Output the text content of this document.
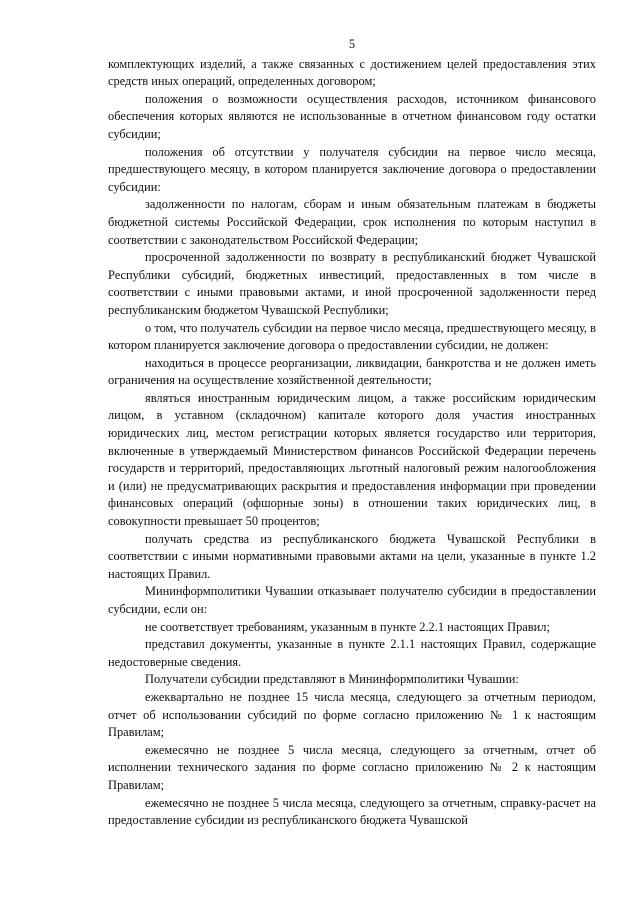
5

комплектующих изделий, а также связанных с достижением целей предоставления этих средств иных операций, определенных договором;

положения о возможности осуществления расходов, источником финансового обеспечения которых являются не использованные в отчетном финансовом году остатки субсидии;

положения об отсутствии у получателя субсидии на первое число месяца, предшествующего месяцу, в котором планируется заключение договора о предоставлении субсидии:

задолженности по налогам, сборам и иным обязательным платежам в бюджеты бюджетной системы Российской Федерации, срок исполнения по которым наступил в соответствии с законодательством Российской Федерации;

просроченной задолженности по возврату в республиканский бюджет Чувашской Республики субсидий, бюджетных инвестиций, предоставленных в том числе в соответствии с иными правовыми актами, и иной просроченной задолженности перед республиканским бюджетом Чувашской Республики;

о том, что получатель субсидии на первое число месяца, предшествующего месяцу, в котором планируется заключение договора о предоставлении субсидии, не должен:

находиться в процессе реорганизации, ликвидации, банкротства и не должен иметь ограничения на осуществление хозяйственной деятельности;

являться иностранным юридическим лицом, а также российским юридическим лицом, в уставном (складочном) капитале которого доля участия иностранных юридических лиц, местом регистрации которых является государство или территория, включенные в утверждаемый Министерством финансов Российской Федерации перечень государств и территорий, предоставляющих льготный налоговый режим налогообложения и (или) не предусматривающих раскрытия и предоставления информации при проведении финансовых операций (офшорные зоны) в отношении таких юридических лиц, в совокупности превышает 50 процентов;

получать средства из республиканского бюджета Чувашской Республики в соответствии с иными нормативными правовыми актами на цели, указанные в пункте 1.2 настоящих Правил.

Мининформполитики Чувашии отказывает получателю субсидии в предоставлении субсидии, если он:

не соответствует требованиям, указанным в пункте 2.2.1 настоящих Правил;

представил документы, указанные в пункте 2.1.1 настоящих Правил, содержащие недостоверные сведения.

Получатели субсидии представляют в Мининформполитики Чувашии:

ежеквартально не позднее 15 числа месяца, следующего за отчетным периодом, отчет об использовании субсидий по форме согласно приложению № 1 к настоящим Правилам;

ежемесячно не позднее 5 числа месяца, следующего за отчетным, отчет об исполнении технического задания по форме согласно приложению № 2 к настоящим Правилам;

ежемесячно не позднее 5 числа месяца, следующего за отчетным, справку-расчет на предоставление субсидии из республиканского бюджета Чувашской
